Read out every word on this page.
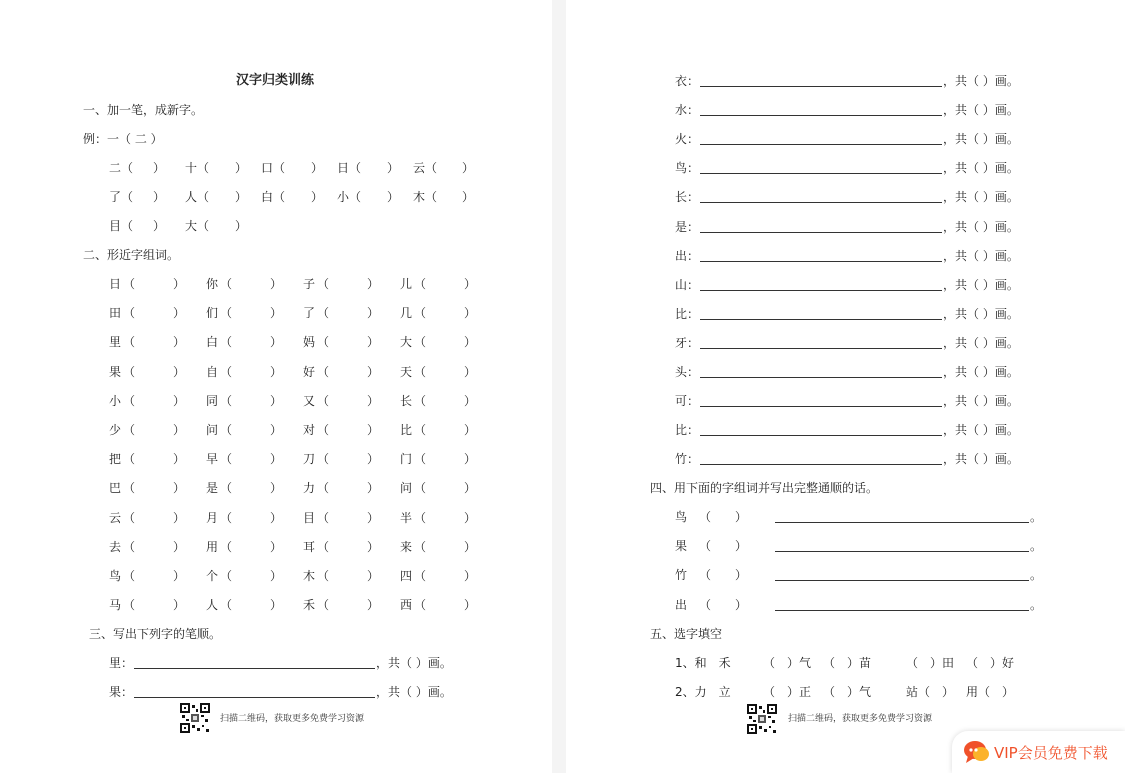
汉字归类训练
一、加一笔，成新字。
例：一（ 二 ）
二（ ） 十（ ） 口（ ） 日（ ） 云（ ）
了（ ） 人（ ） 白（ ） 小（ ） 木（ ）
目（ ） 大（ ）
二、形近字组词。
日 （	） 你 （	） 子 （	） 儿 （	）
田 （	） 们 （	） 了 （	） 几 （	）
里 （	） 白 （	） 妈 （	） 大 （	）
果 （	） 自 （	） 好 （	） 天 （	）
小 （	） 同 （	） 又 （	） 长 （	）
少 （	） 问 （	） 对 （	） 比 （	）
把 （	） 早 （	） 刀 （	） 门 （	）
巴 （	） 是 （	） 力 （	） 问 （	）
云 （	） 月 （	） 目 （	） 半 （	）
去 （	） 用 （	） 耳 （	） 来 （	）
鸟 （	） 个 （	） 木 （	） 四 （	）
马 （	） 人 （	） 禾 （	） 西 （	）
三、写出下列字的笔顺。
里：	，共（ ）画。
果：	，共（ ）画。
扫描二维码，获取更多免费学习资源
衣：	，共（ ）画。
水：	，共（ ）画。
火：	，共（ ）画。
鸟：	，共（ ）画。
长：	，共（ ）画。
是：	，共（ ）画。
出：	，共（ ）画。
山：	，共（ ）画。
比：	，共（ ）画。
牙：	，共（ ）画。
头：	，共（ ）画。
可：	，共（ ）画。
比：	，共（ ）画。
竹：	，共（ ）画。
四、用下面的字组词并写出完整通顺的话。
鸟 （　　）	。
果 （　　）	。
竹 （　　）	。
出 （　　）	。
五、选字填空
1、和　禾	（　）气 （　）苗	（　）田 （　）好
2、力　立	（　）正 （　）气	站（　） 用（　）
扫描二维码，获取更多免费学习资源
VIP会员免费下载
